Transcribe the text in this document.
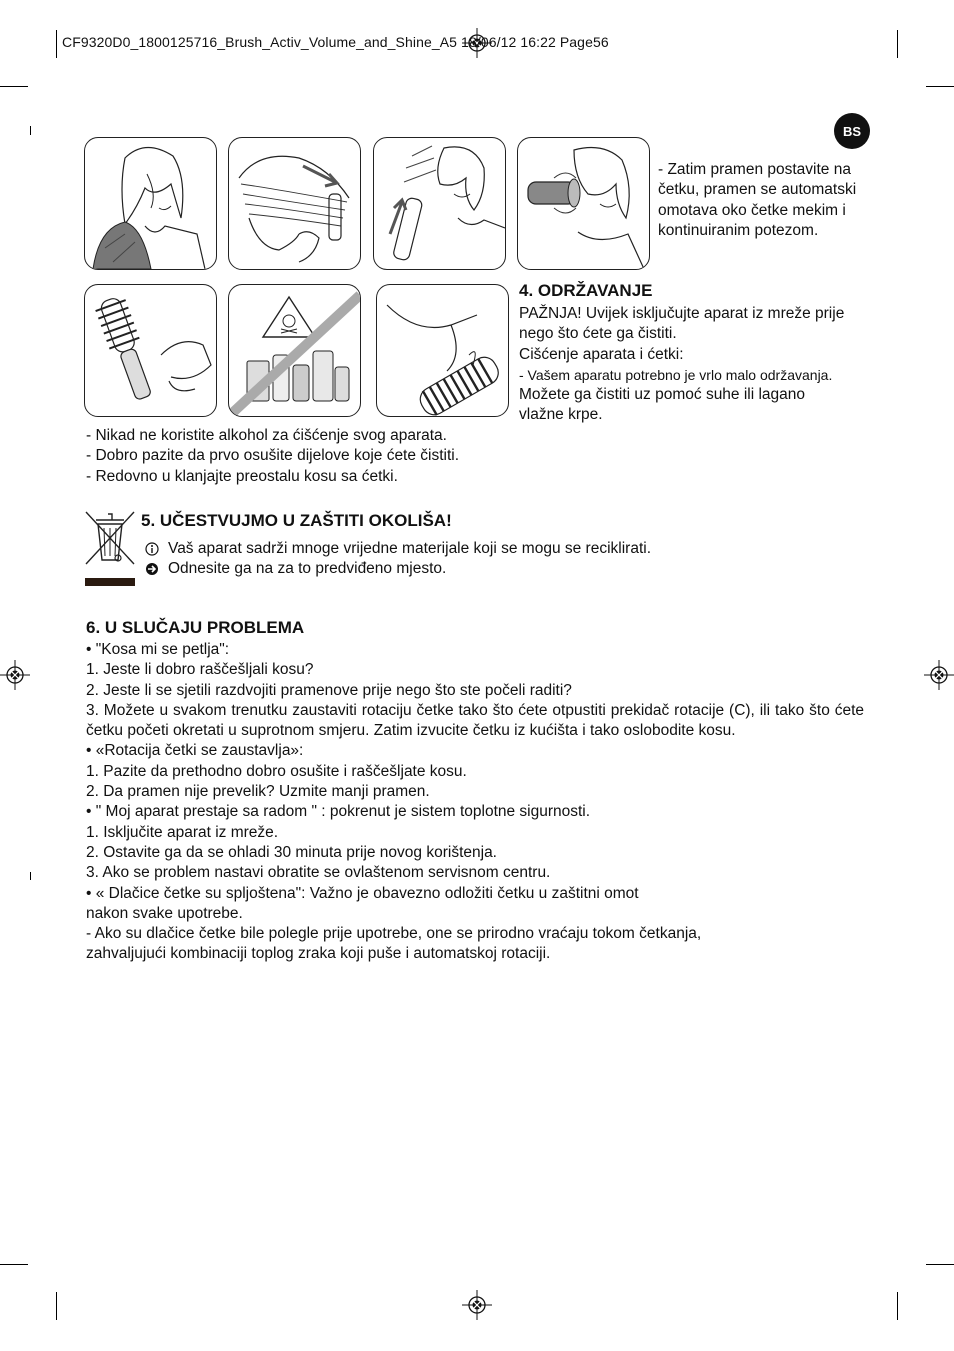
CF9320D0_1800125716_Brush_Activ_Volume_and_Shine_A5 18/06/12 16:22 Page56
BS

- Zatim pramen postavite na

četku, pramen se automatski

omotava oko četke mekim i

kontinuiranim potezom.

4. ODRŽAVANJE

PAŽNJA! Uvijek isključujte aparat iz mreže prije

nego što ćete ga čistiti.

Cišćenje aparata i ćetki:

- Vašem aparatu potrebno je vrlo malo održavanja.

Možete ga čistiti uz pomoć suhe ili lagano

vlažne krpe.

- Nikad ne koristite alkohol za ćišćenje svog aparata.

- Dobro pazite da prvo osušite dijelove koje ćete čistiti.

- Redovno u klanjajte preostalu kosu sa ćetki.

5. UČESTVUJMO U ZAŠTITI OKOLIŠA!

Vaš aparat sadrži mnoge vrijedne materijale koji se mogu se reciklirati.

Odnesite ga na za to predviđeno mjesto.

6. U SLUČAJU PROBLEMA

• "Kosa mi se petlja":

1. Jeste li dobro raščešljali kosu?

2. Jeste li se sjetili razdvojiti pramenove prije nego što ste počeli raditi?

3. Možete u svakom trenutku zaustaviti rotaciju četke tako što ćete otpustiti prekidač rotacije (C), ili tako što ćete četku početi okretati u suprotnom smjeru. Zatim izvucite četku iz kućišta i tako oslobodite kosu.

• «Rotacija četki se zaustavlja»:

1. Pazite da prethodno dobro osušite i raščešljate kosu.

2. Da pramen nije prevelik? Uzmite manji pramen.

• " Moj aparat prestaje sa radom " : pokrenut je sistem toplotne sigurnosti.

1. Isključite aparat iz mreže.

2. Ostavite ga da se ohladi 30 minuta prije novog korištenja.

3. Ako se problem nastavi obratite se ovlaštenom servisnom centru.

• « Dlačice četke su spljoštena": Važno je obavezno odložiti četku u zaštitni omot

nakon svake upotrebe.

- Ako su dlačice četke bile polegle prije upotrebe, one se prirodno vraćaju tokom četkanja,

zahvaljujući kombinaciji toplog zraka koji puše i automatskoj rotaciji.
